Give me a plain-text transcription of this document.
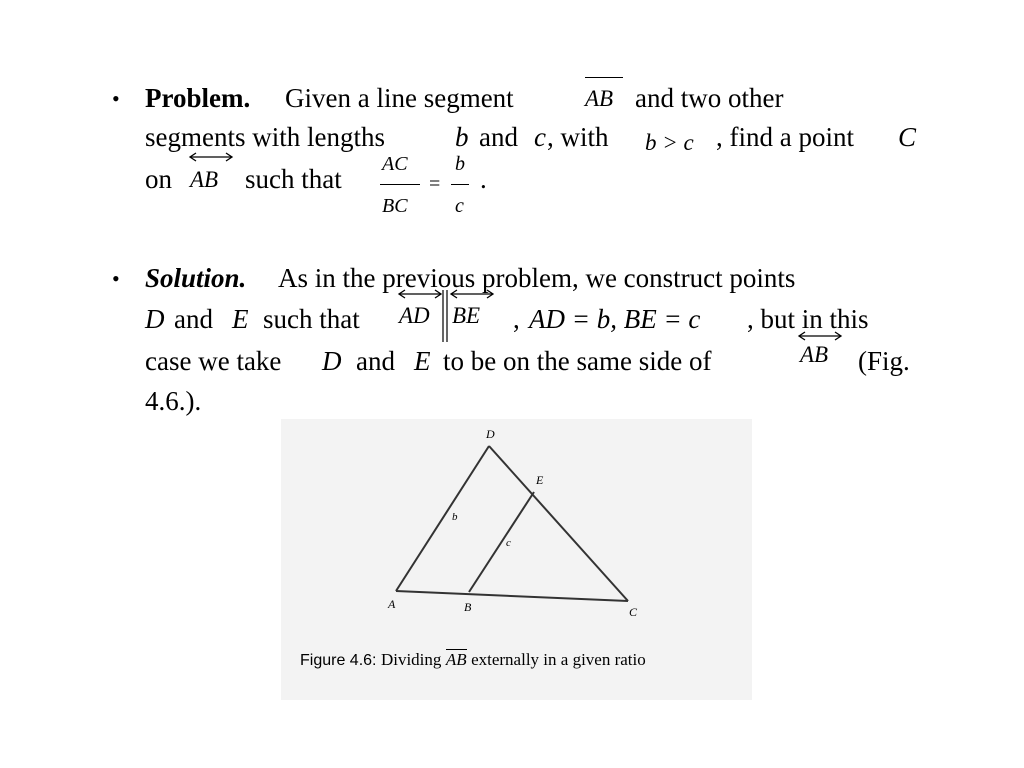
• Problem. Given a line segment	AB and two other
segments with lengths	b and c , with b > c , find a point C
on AB such that AC
BC
=
b
c
.
• Solution. As in the previous problem, we construct points
D and E such that AD BE , AD = b, BE = c , but in this
case we take D and E to be on the same side of	AB (Fig.
4.6.).
D
E
b
c
A	B	C
Figure 4.6: Dividing AB externally in a given ratio
